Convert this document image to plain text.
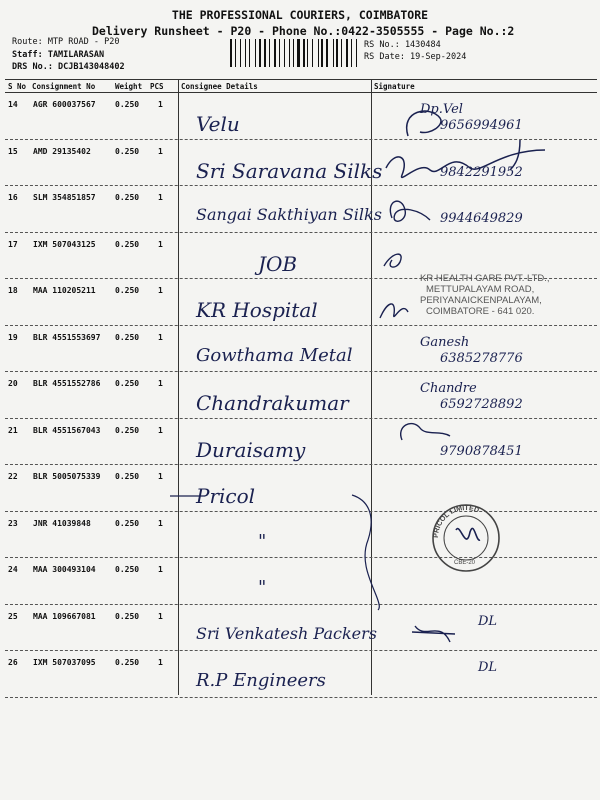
THE PROFESSIONAL COURIERS, COIMBATORE
Delivery Runsheet - P20 - Phone No.:0422-3505555 - Page No.:2
Route: MTP ROAD - P20
Staff: TAMILARASAN
DRS No.: DCJB143048402
RS No.: 1430484
RS Date: 19-Sep-2024
S No Consignment No	Weight PCS Consignee Details	Signature
14 AGR 600037567 0.250 1
Velu	9656994961
Dp.Vel
15 AMD 29135402	0.250 1
Sri Saravana Silks	9842291952
16 SLM 354851857 0.250 1
Sangai Sakthiyan Silks	9944649829
17 IXM 507043125 0.250 1
JOB
18 MAA 110205211 0.250 1
KR Hospital
19 BLR 4551553697 0.250 1
Gowthama Metal	6385278776
Ganesh
20 BLR 4551552786 0.250 1
Chandrakumar	6592728892
Chandre
21 BLR 4551567043 0.250 1
Duraisamy	9790878451
22 BLR 5005075339 0.250 1
Pricol
23 JNR 41039848	0.250 1
"
24 MAA 300493104 0.250 1
"
25 MAA 109667081 0.250 1
Sri Venkatesh Packers
DL
26 IXM 507037095 0.250 1
R.P Engineers
DL
KR HEALTH CARE PVT. LTD.,
METTUPALAYAM ROAD,
PERIYANAICKENPALAYAM,
COIMBATORE - 641 020.
PRICOL LIMITED
CBE-20
